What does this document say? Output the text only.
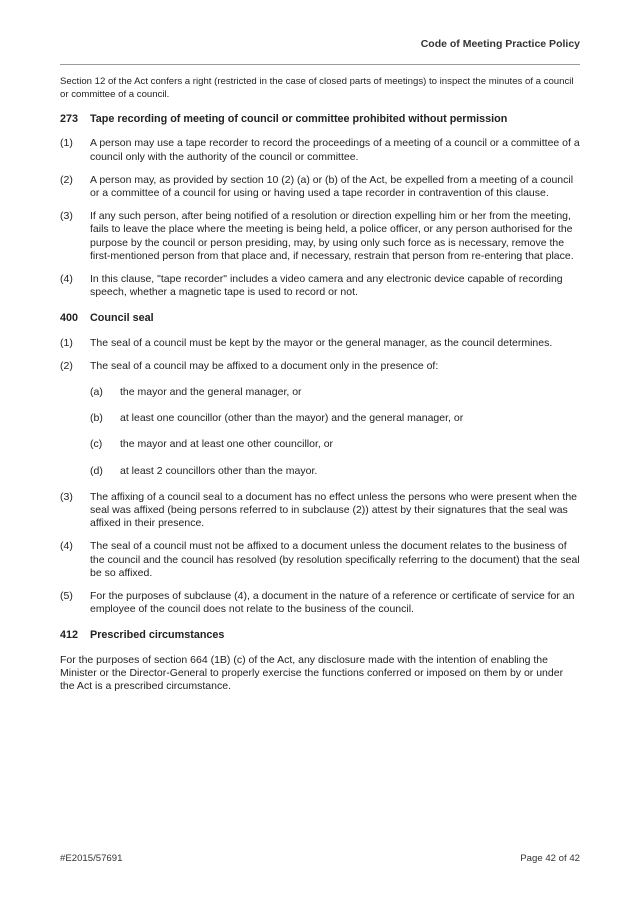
Code of Meeting Practice Policy

Section 12 of the Act confers a right (restricted in the case of closed parts of meetings) to inspect the minutes of a council or committee of a council.

273	Tape recording of meeting of council or committee prohibited without permission
(1)	A person may use a tape recorder to record the proceedings of a meeting of a council or a committee of a council only with the authority of the council or committee.
(2)	A person may, as provided by section 10 (2) (a) or (b) of the Act, be expelled from a meeting of a council or a committee of a council for using or having used a tape recorder in contravention of this clause.
(3)	If any such person, after being notified of a resolution or direction expelling him or her from the meeting, fails to leave the place where the meeting is being held, a police officer, or any person authorised for the purpose by the council or person presiding, may, by using only such force as is necessary, remove the first-mentioned person from that place and, if necessary, restrain that person from re-entering that place.
(4)	In this clause, "tape recorder" includes a video camera and any electronic device capable of recording speech, whether a magnetic tape is used to record or not.
400	Council seal
(1)	The seal of a council must be kept by the mayor or the general manager, as the council determines.
(2)	The seal of a council may be affixed to a document only in the presence of:
(a)	the mayor and the general manager, or
(b)	at least one councillor (other than the mayor) and the general manager, or
(c)	the mayor and at least one other councillor, or
(d)	at least 2 councillors other than the mayor.
(3)	The affixing of a council seal to a document has no effect unless the persons who were present when the seal was affixed (being persons referred to in subclause (2)) attest by their signatures that the seal was affixed in their presence.
(4)	The seal of a council must not be affixed to a document unless the document relates to the business of the council and the council has resolved (by resolution specifically referring to the document) that the seal be so affixed.
(5)	For the purposes of subclause (4), a document in the nature of a reference or certificate of service for an employee of the council does not relate to the business of the council.
412	Prescribed circumstances

For the purposes of section 664 (1B) (c) of the Act, any disclosure made with the intention of enabling the Minister or the Director-General to properly exercise the functions conferred or imposed on them by or under the Act is a prescribed circumstance.

#E2015/57691	Page 42 of 42
